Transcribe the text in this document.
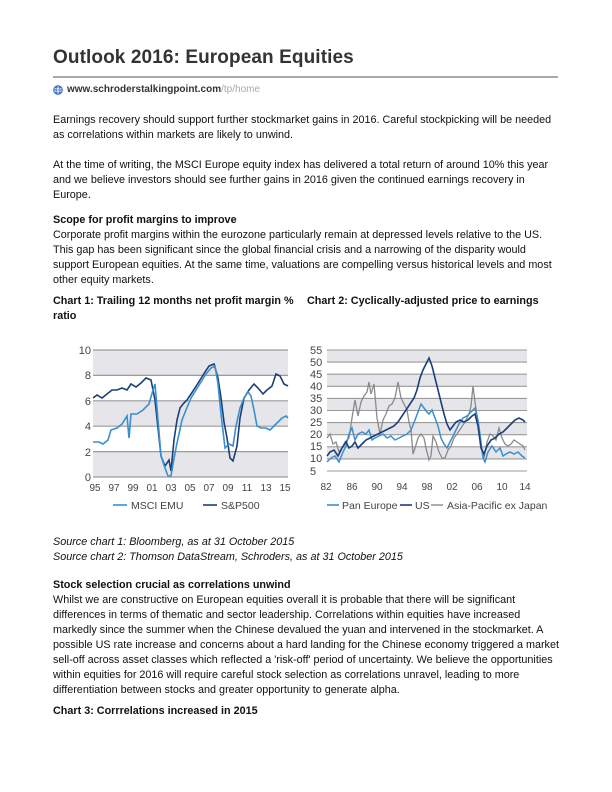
Outlook 2016: European Equities
www.schroderstalkingpoint.com /tp/home

Earnings recovery should support further stockmarket gains in 2016. Careful stockpicking will be needed as correlations within markets are likely to unwind.

At the time of writing, the MSCI Europe equity index has delivered a total return of around 10% this year and we believe investors should see further gains in 2016 given the continued earnings recovery in Europe.

Scope for profit margins to improve

Corporate profit margins within the eurozone particularly remain at depressed levels relative to the US. This gap has been significant since the global financial crisis and a narrowing of the disparity would support European equities. At the same time, valuations are compelling versus historical levels and most other equity markets.

Chart 1: Trailing 12 months net profit margin % ratio

Chart 2: Cyclically-adjusted price to earnings

10
8
6
4
2
0
95 97 99 01 03 05 07 09 11 13 15
MSCI EMU	S&P500
55
50
45
40
35
30
25
20
15
10
5
82 86 90 94 98 02 06 10 14
Pan Europe US Asia-Pacific ex Japan

Source chart 1: Bloomberg, as at 31 October 2015

Source chart 2: Thomson DataStream, Schroders, as at 31 October 2015

Stock selection crucial as correlations unwind

Whilst we are constructive on European equities overall it is probable that there will be significant differences in terms of thematic and sector leadership. Correlations within equities have increased markedly since the summer when the Chinese devalued the yuan and intervened in the stockmarket. A possible US rate increase and concerns about a hard landing for the Chinese economy triggered a market sell-off across asset classes which reflected a 'risk-off' period of uncertainty. We believe the opportunities within equities for 2016 will require careful stock selection as correlations unravel, leading to more differentiation between stocks and greater opportunity to generate alpha.

Chart 3: Corrrelations increased in 2015
